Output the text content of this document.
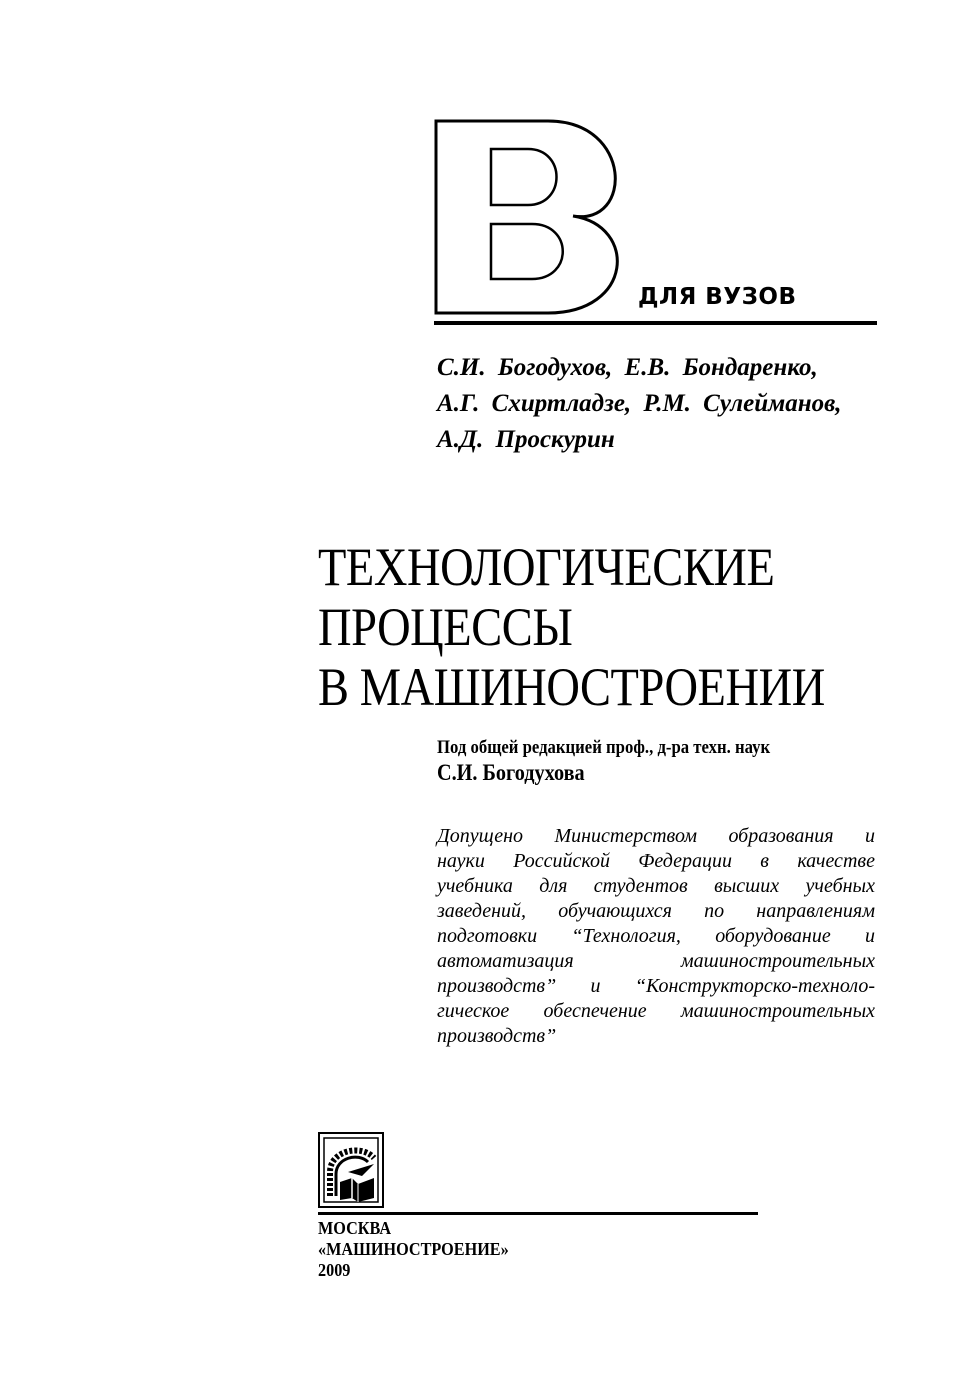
ДЛЯ ВУЗОВ
С.И. Богодухов, Е.В. Бондаренко,
А.Г. Схиртладзе, Р.М. Сулейманов,
А.Д. Проскурин
ТЕХНОЛОГИЧЕСКИЕ
ПРОЦЕССЫ
В МАШИНОСТРОЕНИИ
Под общей редакцией проф., д-ра техн. наук
С.И. Богодухова
Допущено Министерством образования и
науки Российской Федерации в качестве
учебника для студентов высших учебных
заведений, обучающихся по направлениям
подготовки “Технология, оборудование и
автоматизация	машиностроительных
производств” и “Конструкторско-техноло-
гическое обеспечение машиностроительных
производств”
МОСКВА
«МАШИНОСТРОЕНИЕ»
2009
